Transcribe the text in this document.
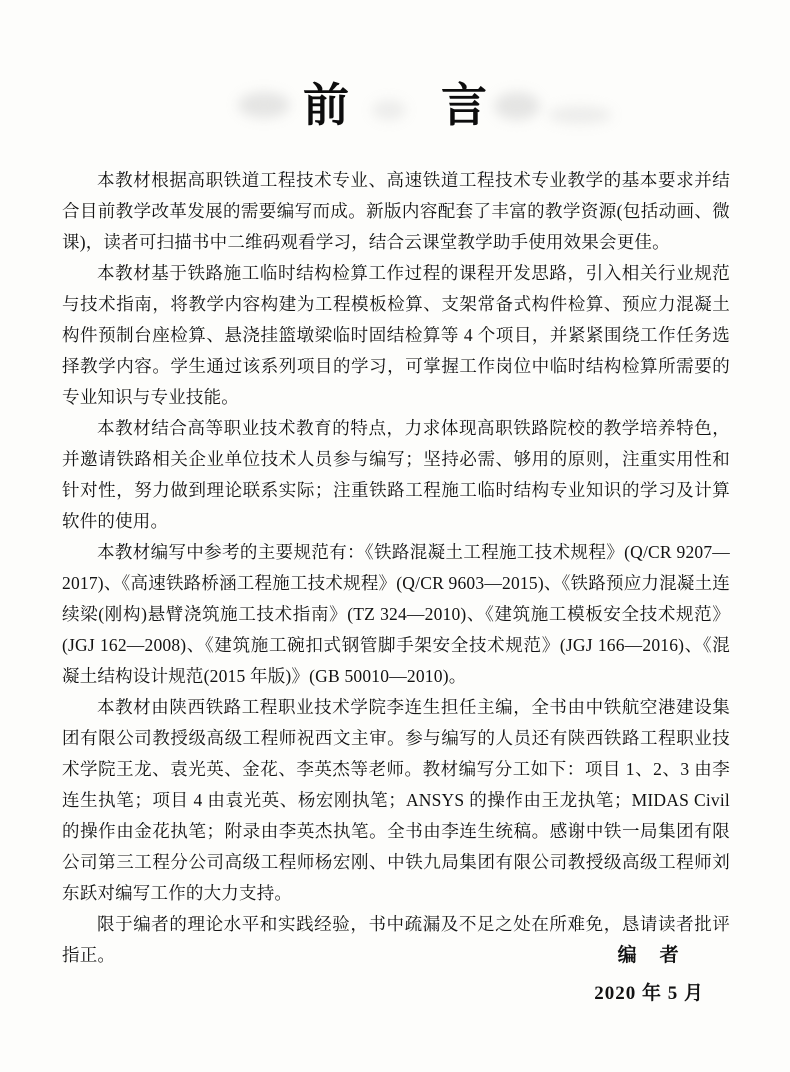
前 言

本教材根据高职铁道工程技术专业、高速铁道工程技术专业教学的基本要求并结合目前教学改革发展的需要编写而成。新版内容配套了丰富的教学资源(包括动画、微课)，读者可扫描书中二维码观看学习，结合云课堂教学助手使用效果会更佳。

本教材基于铁路施工临时结构检算工作过程的课程开发思路，引入相关行业规范与技术指南，将教学内容构建为工程模板检算、支架常备式构件检算、预应力混凝土构件预制台座检算、悬浇挂篮墩梁临时固结检算等 4 个项目，并紧紧围绕工作任务选择教学内容。学生通过该系列项目的学习，可掌握工作岗位中临时结构检算所需要的专业知识与专业技能。

本教材结合高等职业技术教育的特点，力求体现高职铁路院校的教学培养特色，并邀请铁路相关企业单位技术人员参与编写；坚持必需、够用的原则，注重实用性和针对性，努力做到理论联系实际；注重铁路工程施工临时结构专业知识的学习及计算软件的使用。

本教材编写中参考的主要规范有：《铁路混凝土工程施工技术规程》(Q/CR 9207—2017)、《高速铁路桥涵工程施工技术规程》(Q/CR 9603—2015)、《铁路预应力混凝土连续梁(刚构)悬臂浇筑施工技术指南》(TZ 324—2010)、《建筑施工模板安全技术规范》(JGJ 162—2008)、《建筑施工碗扣式钢管脚手架安全技术规范》(JGJ 166—2016)、《混凝土结构设计规范(2015 年版)》(GB 50010—2010)。

本教材由陕西铁路工程职业技术学院李连生担任主编，全书由中铁航空港建设集团有限公司教授级高级工程师祝西文主审。参与编写的人员还有陕西铁路工程职业技术学院王龙、袁光英、金花、李英杰等老师。教材编写分工如下：项目 1、2、3 由李连生执笔；项目 4 由袁光英、杨宏刚执笔；ANSYS 的操作由王龙执笔；MIDAS Civil 的操作由金花执笔；附录由李英杰执笔。全书由李连生统稿。感谢中铁一局集团有限公司第三工程分公司高级工程师杨宏刚、中铁九局集团有限公司教授级高级工程师刘东跃对编写工作的大力支持。

限于编者的理论水平和实践经验，书中疏漏及不足之处在所难免，恳请读者批评指正。	编　者
2020 年 5 月
